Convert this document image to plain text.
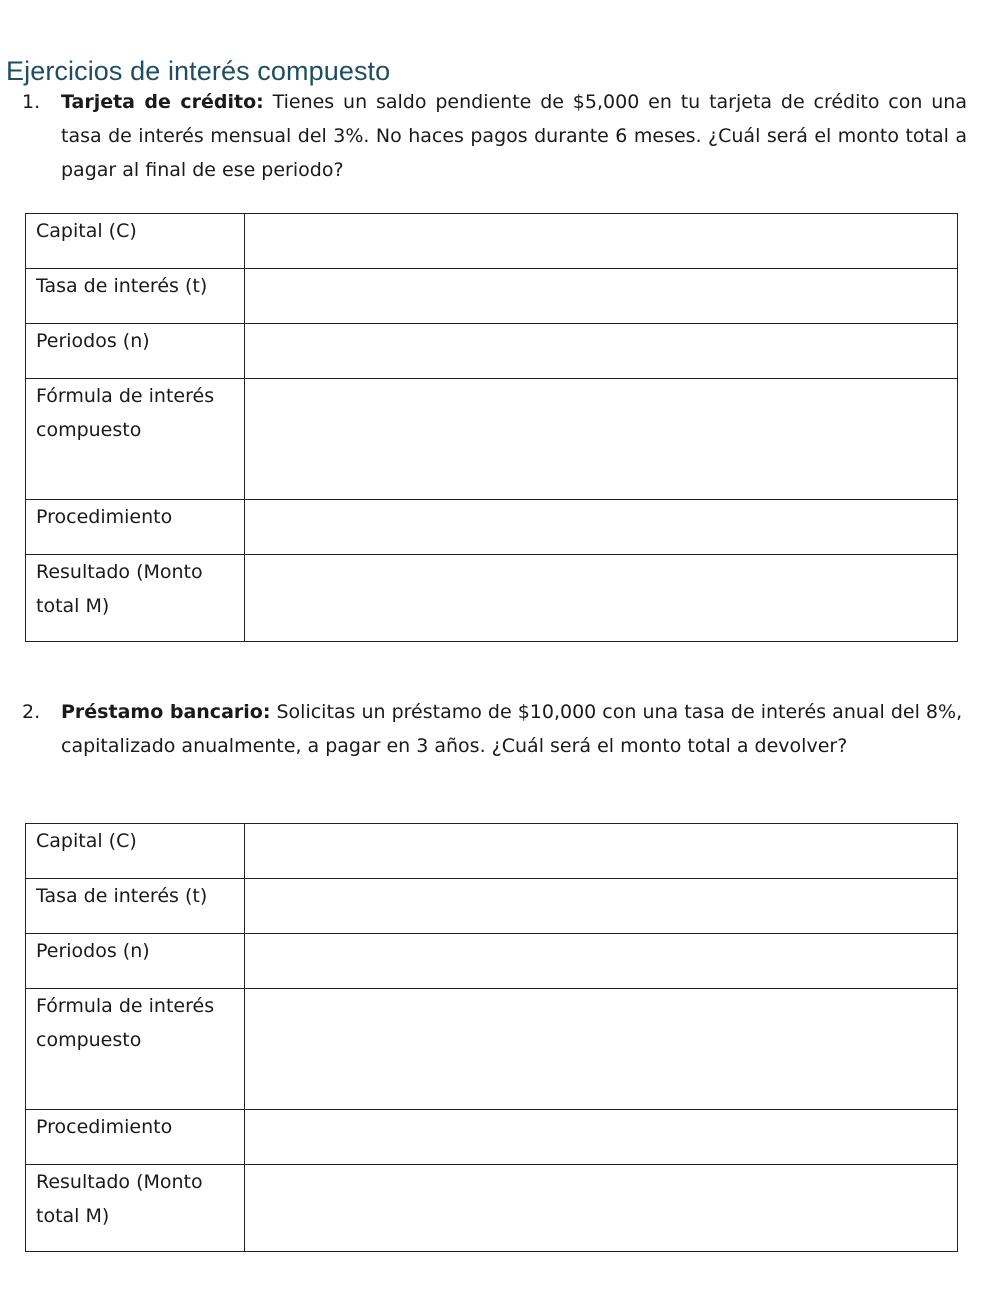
Ejercicios de interés compuesto
1. Tarjeta de crédito: Tienes un saldo pendiente de $5,000 en tu tarjeta de crédito con una tasa de interés mensual del 3%. No haces pagos durante 6 meses. ¿Cuál será el monto total a pagar al final de ese periodo?
Capital (C)	
Tasa de interés (t)	
Periodos (n)	
Fórmula de interés compuesto	
Procedimiento	
Resultado (Monto total M)	
2. Préstamo bancario: Solicitas un préstamo de $10,000 con una tasa de interés anual del 8%, capitalizado anualmente, a pagar en 3 años. ¿Cuál será el monto total a devolver?
Capital (C)	
Tasa de interés (t)	
Periodos (n)	
Fórmula de interés compuesto	
Procedimiento	
Resultado (Monto total M)	
